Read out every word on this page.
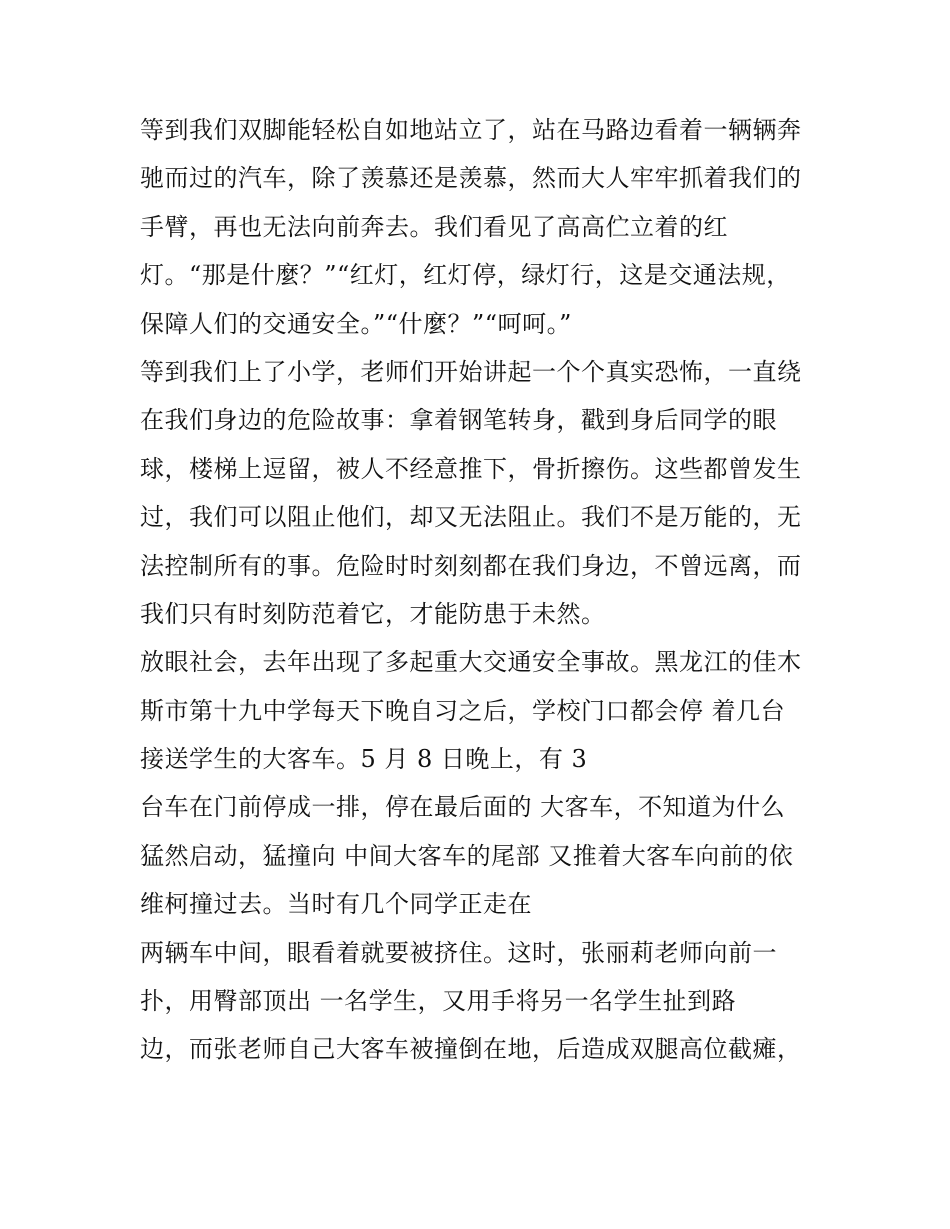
等到我们双脚能轻松自如地站立了，站在马路边看着一辆辆奔
驰而过的汽车，除了羡慕还是羡慕，然而大人牢牢抓着我们的
手臂，再也无法向前奔去。我们看见了高高伫立着的红
灯。“那是什麼？”“红灯，红灯停，绿灯行，这是交通法规，
保障人们的交通安全。”“什麼？”“呵呵。”
等到我们上了小学，老师们开始讲起一个个真实恐怖，一直绕
在我们身边的危险故事：拿着钢笔转身，戳到身后同学的眼
球，楼梯上逗留，被人不经意推下，骨折擦伤。这些都曾发生
过，我们可以阻止他们，却又无法阻止。我们不是万能的，无
法控制所有的事。危险时时刻刻都在我们身边，不曾远离，而
我们只有时刻防范着它，才能防患于未然。
放眼社会，去年出现了多起重大交通安全事故。黑龙江的佳木
斯市第十九中学每天下晚自习之后，学校门口都会停 着几台
接送学生的大客车。5 月 8 日晚上，有 3
台车在门前停成一排，停在最后面的 大客车，不知道为什么
猛然启动，猛撞向 中间大客车的尾部 又推着大客车向前的依
维柯撞过去。当时有几个同学正走在
两辆车中间，眼看着就要被挤住。这时，张丽莉老师向前一
扑，用臀部顶出 一名学生，又用手将另一名学生扯到路
边，而张老师自己大客车被撞倒在地，后造成双腿高位截瘫，
